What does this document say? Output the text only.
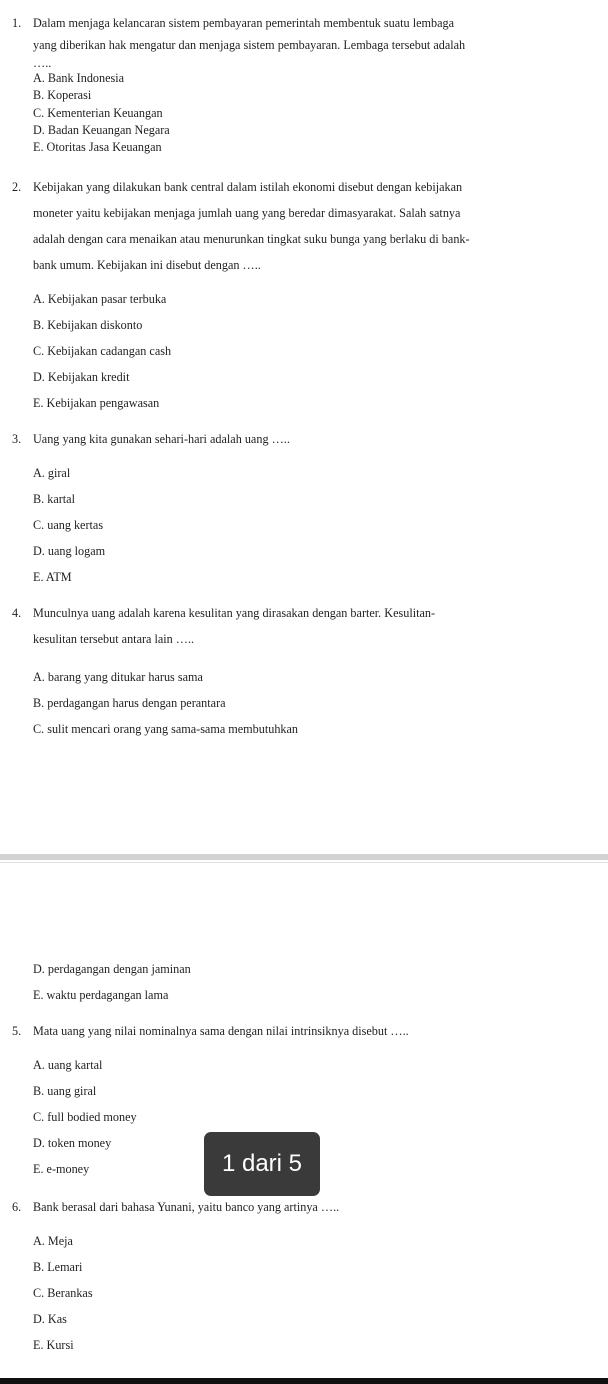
1. Dalam menjaga kelancaran sistem pembayaran pemerintah membentuk suatu lembaga
yang diberikan hak mengatur dan menjaga sistem pembayaran. Lembaga tersebut adalah
…..
A. Bank Indonesia
B. Koperasi
C. Kementerian Keuangan
D. Badan Keuangan Negara
E. Otoritas Jasa Keuangan
2. Kebijakan yang dilakukan bank central dalam istilah ekonomi disebut dengan kebijakan
moneter yaitu kebijakan menjaga jumlah uang yang beredar dimasyarakat. Salah satnya
adalah dengan cara menaikan atau menurunkan tingkat suku bunga yang berlaku di bank-
bank umum. Kebijakan ini disebut dengan …..
A. Kebijakan pasar terbuka
B. Kebijakan diskonto
C. Kebijakan cadangan cash
D. Kebijakan kredit
E. Kebijakan pengawasan
3. Uang yang kita gunakan sehari-hari adalah uang …..
A. giral
B. kartal
C. uang kertas
D. uang logam
E. ATM
4. Munculnya uang adalah karena kesulitan yang dirasakan dengan barter. Kesulitan-
kesulitan tersebut antara lain …..
A. barang yang ditukar harus sama
B. perdagangan harus dengan perantara
C. sulit mencari orang yang sama-sama membutuhkan
D. perdagangan dengan jaminan
E. waktu perdagangan lama
5. Mata uang yang nilai nominalnya sama dengan nilai intrinsiknya disebut …..
A. uang kartal
B. uang giral
C. full bodied money
D. token money
E. e-money
6. Bank berasal dari bahasa Yunani, yaitu banco yang artinya …..
A. Meja
B. Lemari
C. Berankas
D. Kas
E. Kursi
1 dari 5
